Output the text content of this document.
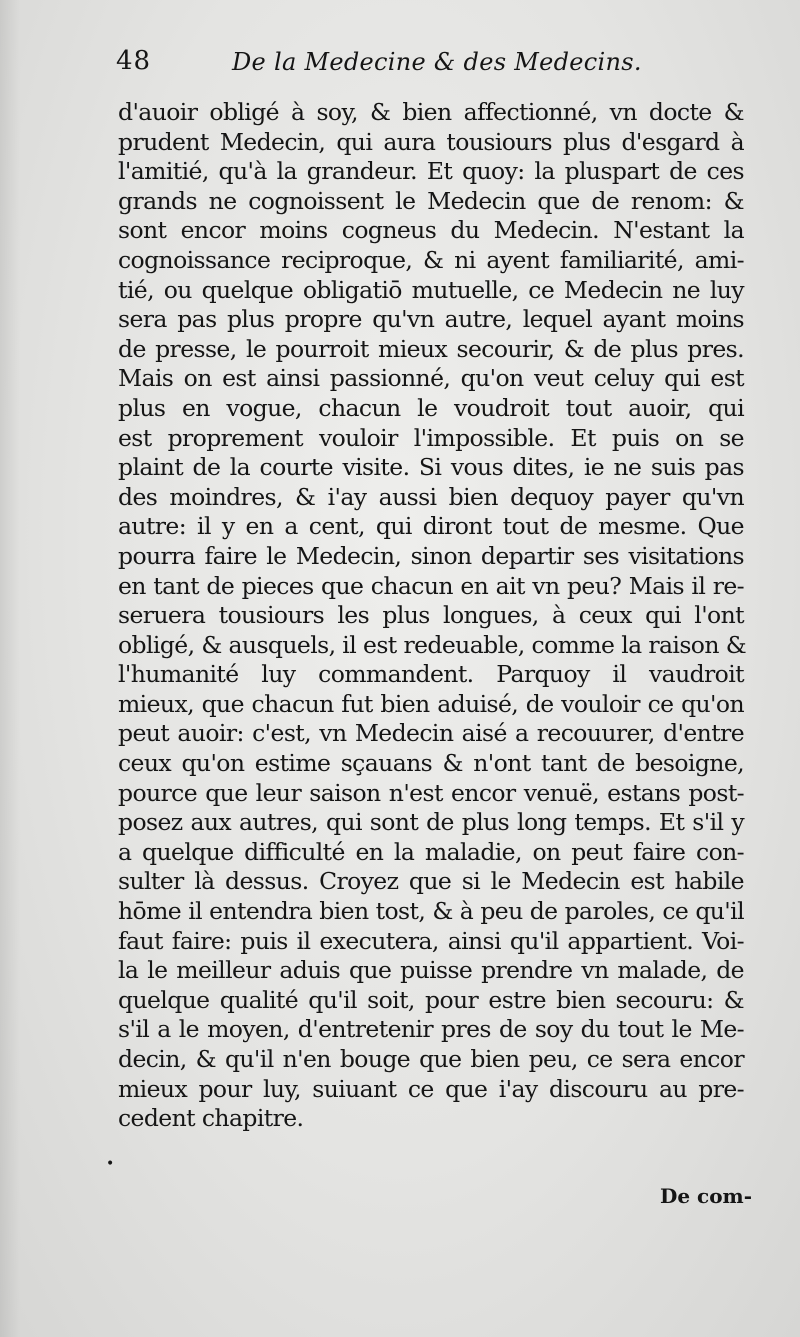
48	De la Medecine & des Medecins.
d'auoir obligé à soy, & bien affectionné, vn docte &
prudent Medecin, qui aura tousiours plus d'esgard à
l'amitié, qu'à la grandeur. Et quoy: la pluspart de ces
grands ne cognoissent le Medecin que de renom: &
sont encor moins cogneus du Medecin. N'estant la
cognoissance reciproque, & ni ayent familiarité, ami-
tié, ou quelque obligatiō mutuelle, ce Medecin ne luy
sera pas plus propre qu'vn autre, lequel ayant moins
de presse, le pourroit mieux secourir, & de plus pres.
Mais on est ainsi passionné, qu'on veut celuy qui est
plus en vogue, chacun le voudroit tout auoir, qui
est proprement vouloir l'impossible. Et puis on se
plaint de la courte visite. Si vous dites, ie ne suis pas
des moindres, & i'ay aussi bien dequoy payer qu'vn
autre: il y en a cent, qui diront tout de mesme. Que
pourra faire le Medecin, sinon departir ses visitations
en tant de pieces que chacun en ait vn peu? Mais il re-
seruera tousiours les plus longues, à ceux qui l'ont
obligé, & ausquels, il est redeuable, comme la raison &
l'humanité luy commandent. Parquoy il vaudroit
mieux, que chacun fut bien aduisé, de vouloir ce qu'on
peut auoir: c'est, vn Medecin aisé a recouurer, d'entre
ceux qu'on estime sçauans & n'ont tant de besoigne,
pource que leur saison n'est encor venuë, estans post-
posez aux autres, qui sont de plus long temps. Et s'il y
a quelque difficulté en la maladie, on peut faire con-
sulter là dessus. Croyez que si le Medecin est habile
hōme il entendra bien tost, & à peu de paroles, ce qu'il
faut faire: puis il executera, ainsi qu'il appartient. Voi-
la le meilleur aduis que puisse prendre vn malade, de
quelque qualité qu'il soit, pour estre bien secouru: &
s'il a le moyen, d'entretenir pres de soy du tout le Me-
decin, & qu'il n'en bouge que bien peu, ce sera encor
mieux pour luy, suiuant ce que i'ay discouru au pre-
cedent chapitre.
•
De com-
